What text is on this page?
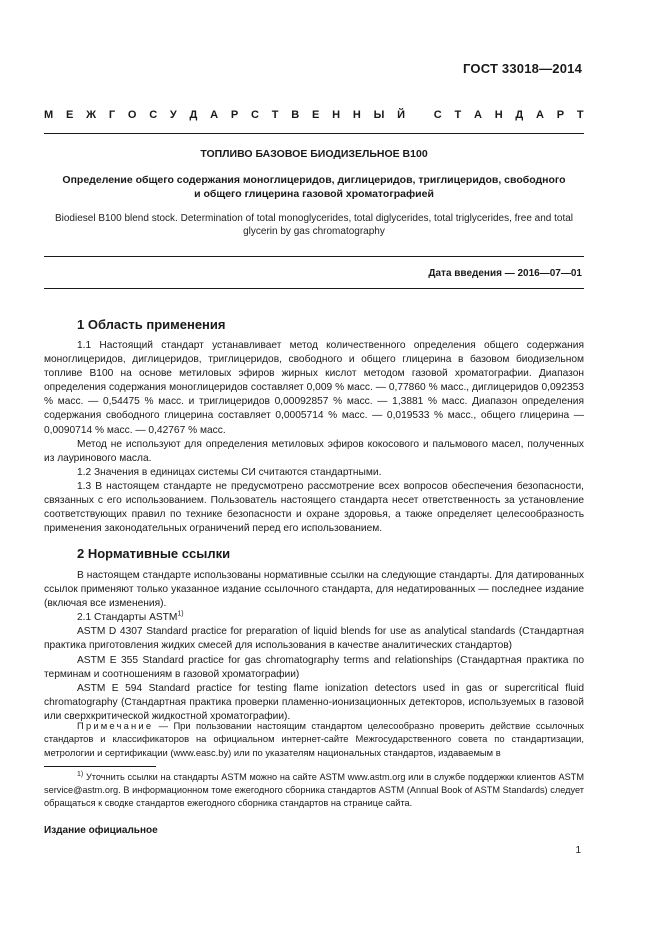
ГОСТ 33018—2014
М Е Ж Г О С У Д А Р С Т В Е Н Н Ы Й
	С Т А Н Д А Р Т
ТОПЛИВО БАЗОВОЕ БИОДИЗЕЛЬНОЕ В100
Определение общего содержания моноглицеридов, диглицеридов, триглицеридов, свободного
и общего глицерина газовой хроматографией
Biodiesel B100 blend stock. Determination of total monoglycerides, total diglycerides, total triglycerides, free and total
glycerin by gas chromatography
Дата введения — 2016—07—01
1 Область применения

1.1 Настоящий стандарт устанавливает метод количественного определения общего содержания моноглицеридов, диглицеридов, триглицеридов, свободного и общего глицерина в базовом биодизельном топливе В100 на основе метиловых эфиров жирных кислот методом газовой хроматографии. Диапазон определения содержания моноглицеридов составляет 0,009 % масс. — 0,77860 % масс., диглицеридов 0,092353 % масс. — 0,54475 % масс. и триглицеридов 0,00092857 % масс. — 1,3881 % масс. Диапазон определения содержания свободного глицерина составляет 0,0005714 % масс. — 0,019533 % масс., общего глицерина — 0,0090714 % масс. — 0,42767 % масс.

Метод не используют для определения метиловых эфиров кокосового и пальмового масел, полученных из лауринового масла.

1.2 Значения в единицах системы СИ считаются стандартными.

1.3 В настоящем стандарте не предусмотрено рассмотрение всех вопросов обеспечения безопасности, связанных с его использованием. Пользователь настоящего стандарта несет ответственность за установление соответствующих правил по технике безопасности и охране здоровья, а также определяет целесообразность применения законодательных ограничений перед его использованием.

2 Нормативные ссылки

В настоящем стандарте использованы нормативные ссылки на следующие стандарты. Для датированных ссылок применяют только указанное издание ссылочного стандарта, для недатированных — последнее издание (включая все изменения).

2.1 Стандарты ASTM$^{1)}$

ASTM D 4307 Standard practice for preparation of liquid blends for use as analytical standards (Стандартная практика приготовления жидких смесей для использования в качестве аналитических стандартов)

ASTM E 355 Standard practice for gas chromatography terms and relationships (Стандартная практика по терминам и соотношениям в газовой хроматографии)

ASTM E 594 Standard practice for testing flame ionization detectors used in gas or supercritical fluid chromatography (Стандартная практика проверки пламенно-ионизационных детекторов, используемых в газовой или сверхкритической жидкостной хроматографии).

Примечание — При пользовании настоящим стандартом целесообразно проверить действие ссылочных стандартов и классификаторов на официальном интернет-сайте Межгосударственного совета по стандартизации, метрологии и сертификации (www.easc.by) или по указателям национальных стандартов, издаваемым в
$^{1)}$ Уточнить ссылки на стандарты ASTM можно на сайте ASTM www.astm.org или в службе поддержки клиентов ASTM service@astm.org. В информационном томе ежегодного сборника стандартов ASTM (Annual Book of ASTM Standards) следует обращаться к сводке стандартов ежегодного сборника стандартов на странице сайта.
Издание официальное
1
